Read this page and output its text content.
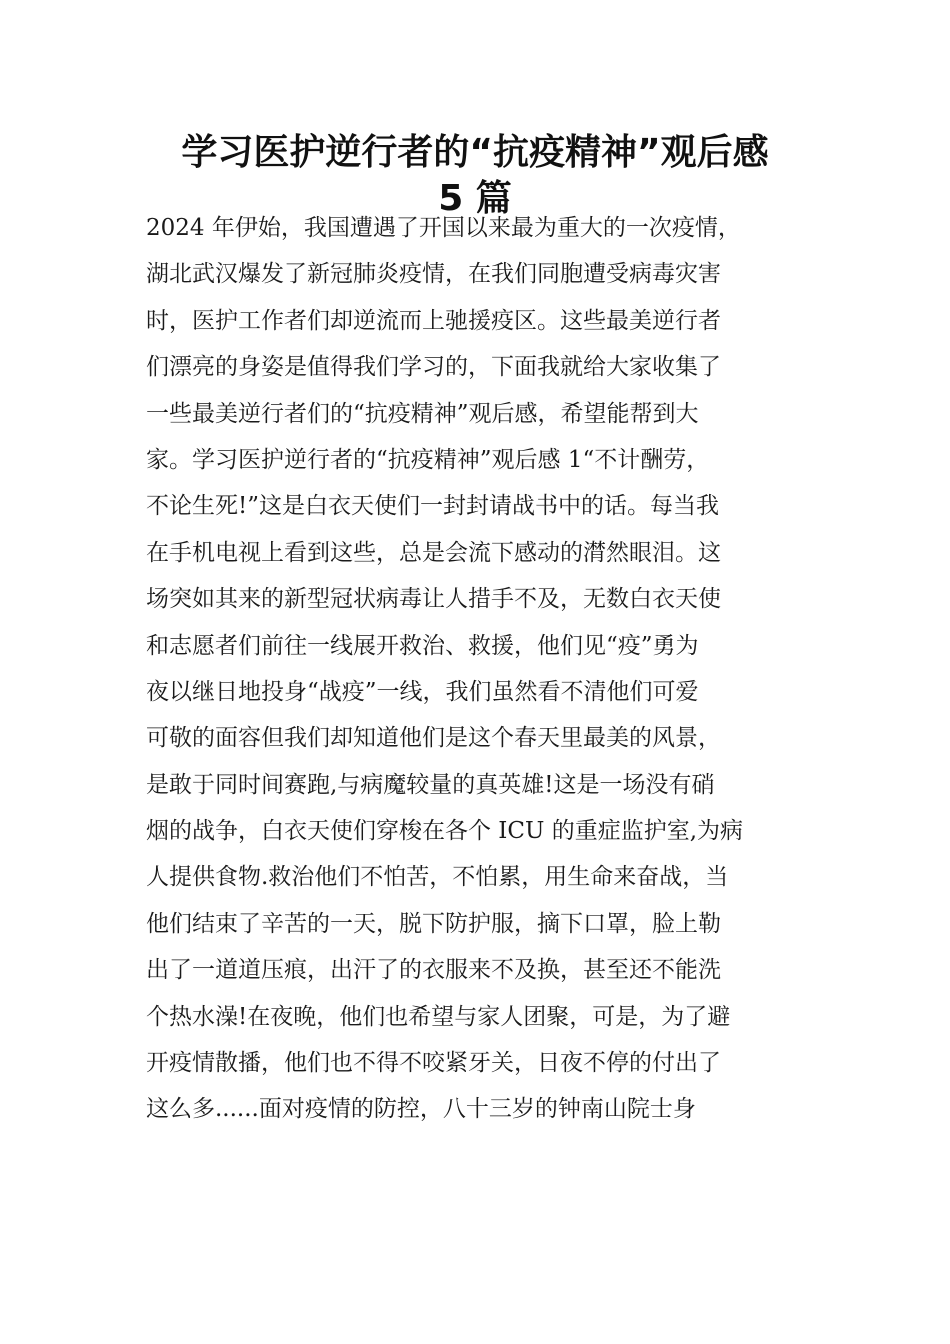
学习医护逆行者的“抗疫精神”观后感
5 篇
2024 年伊始，我国遭遇了开国以来最为重大的一次疫情，
湖北武汉爆发了新冠肺炎疫情，在我们同胞遭受病毒灾害
时，医护工作者们却逆流而上驰援疫区。这些最美逆行者
们漂亮的身姿是值得我们学习的，下面我就给大家收集了
一些最美逆行者们的“抗疫精神”观后感，希望能帮到大
家。学习医护逆行者的“抗疫精神”观后感 1“不计酬劳，
不论生死!”这是白衣天使们一封封请战书中的话。每当我
在手机电视上看到这些，总是会流下感动的潸然眼泪。这
场突如其来的新型冠状病毒让人措手不及，无数白衣天使
和志愿者们前往一线展开救治、救援，他们见“疫”勇为
夜以继日地投身“战疫”一线，我们虽然看不清他们可爱
可敬的面容但我们却知道他们是这个春天里最美的风景，
是敢于同时间赛跑,与病魔较量的真英雄!这是一场没有硝
烟的战争，白衣天使们穿梭在各个 ICU 的重症监护室,为病
人提供食物.救治他们不怕苦，不怕累，用生命来奋战，当
他们结束了辛苦的一天，脱下防护服，摘下口罩，脸上勒
出了一道道压痕，出汗了的衣服来不及换，甚至还不能洗
个热水澡!在夜晚，他们也希望与家人团聚，可是，为了避
开疫情散播，他们也不得不咬紧牙关，日夜不停的付出了
这么多......面对疫情的防控，八十三岁的钟南山院士身
